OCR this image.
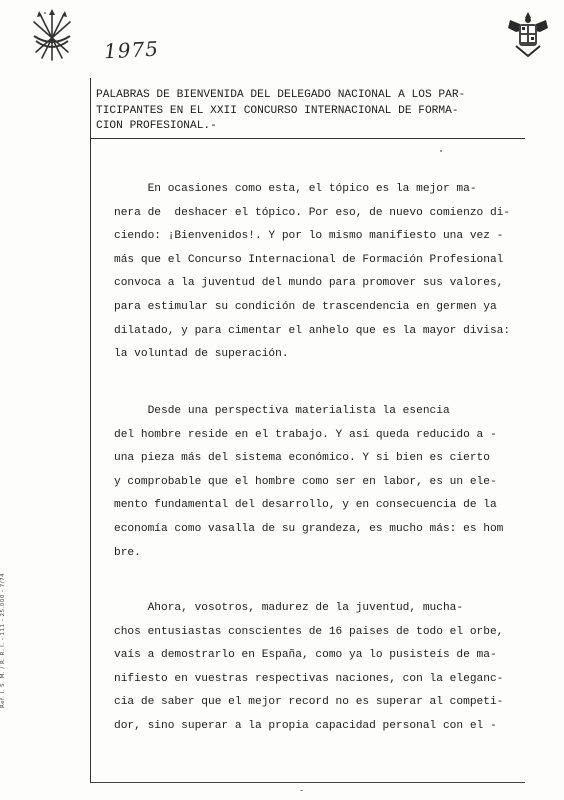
1975
PALABRAS DE BIENVENIDA DEL DELEGADO NACIONAL A LOS PAR-
TICIPANTES EN EL XXII CONCURSO INTERNACIONAL DE FORMA-
CION PROFESIONAL.-
En ocasiones como esta, el tópico es la mejor ma-
nera de  deshacer el tópico. Por eso, de nuevo comienzo di-
ciendo: ¡Bienvenidos!. Y por lo mismo manifiesto una vez -
más que el Concurso Internacional de Formación Profesional
convoca a la juventud del mundo para promover sus valores,
para estimular su condición de trascendencia en germen ya
dilatado, y para cimentar el anhelo que es la mayor divisa:
la voluntad de superación.
Desde una perspectiva materialista la esencia
del hombre reside en el trabajo. Y así queda reducido a -
una pieza más del sistema económico. Y si bien es cierto
y comprobable que el hombre como ser en labor, es un ele-
mento fundamental del desarrollo, y en consecuencia de la
economía como vasalla de su grandeza, es mucho más: es hom
bre.
Ahora, vosotros, madurez de la juventud, mucha-
chos entusiastas conscientes de 16 paises de todo el orbe,
vaís a demostrarlo en España, como ya lo pusisteís de ma-
nifiesto en vuestras respectivas naciones, con la eleganc-
cia de saber que el mejor record no es superar al competi-
dor, sino superar a la propia capacidad personal con el -
Ref. I. S. M. / R. R. I. - 111 - 25.000 - 7/74
